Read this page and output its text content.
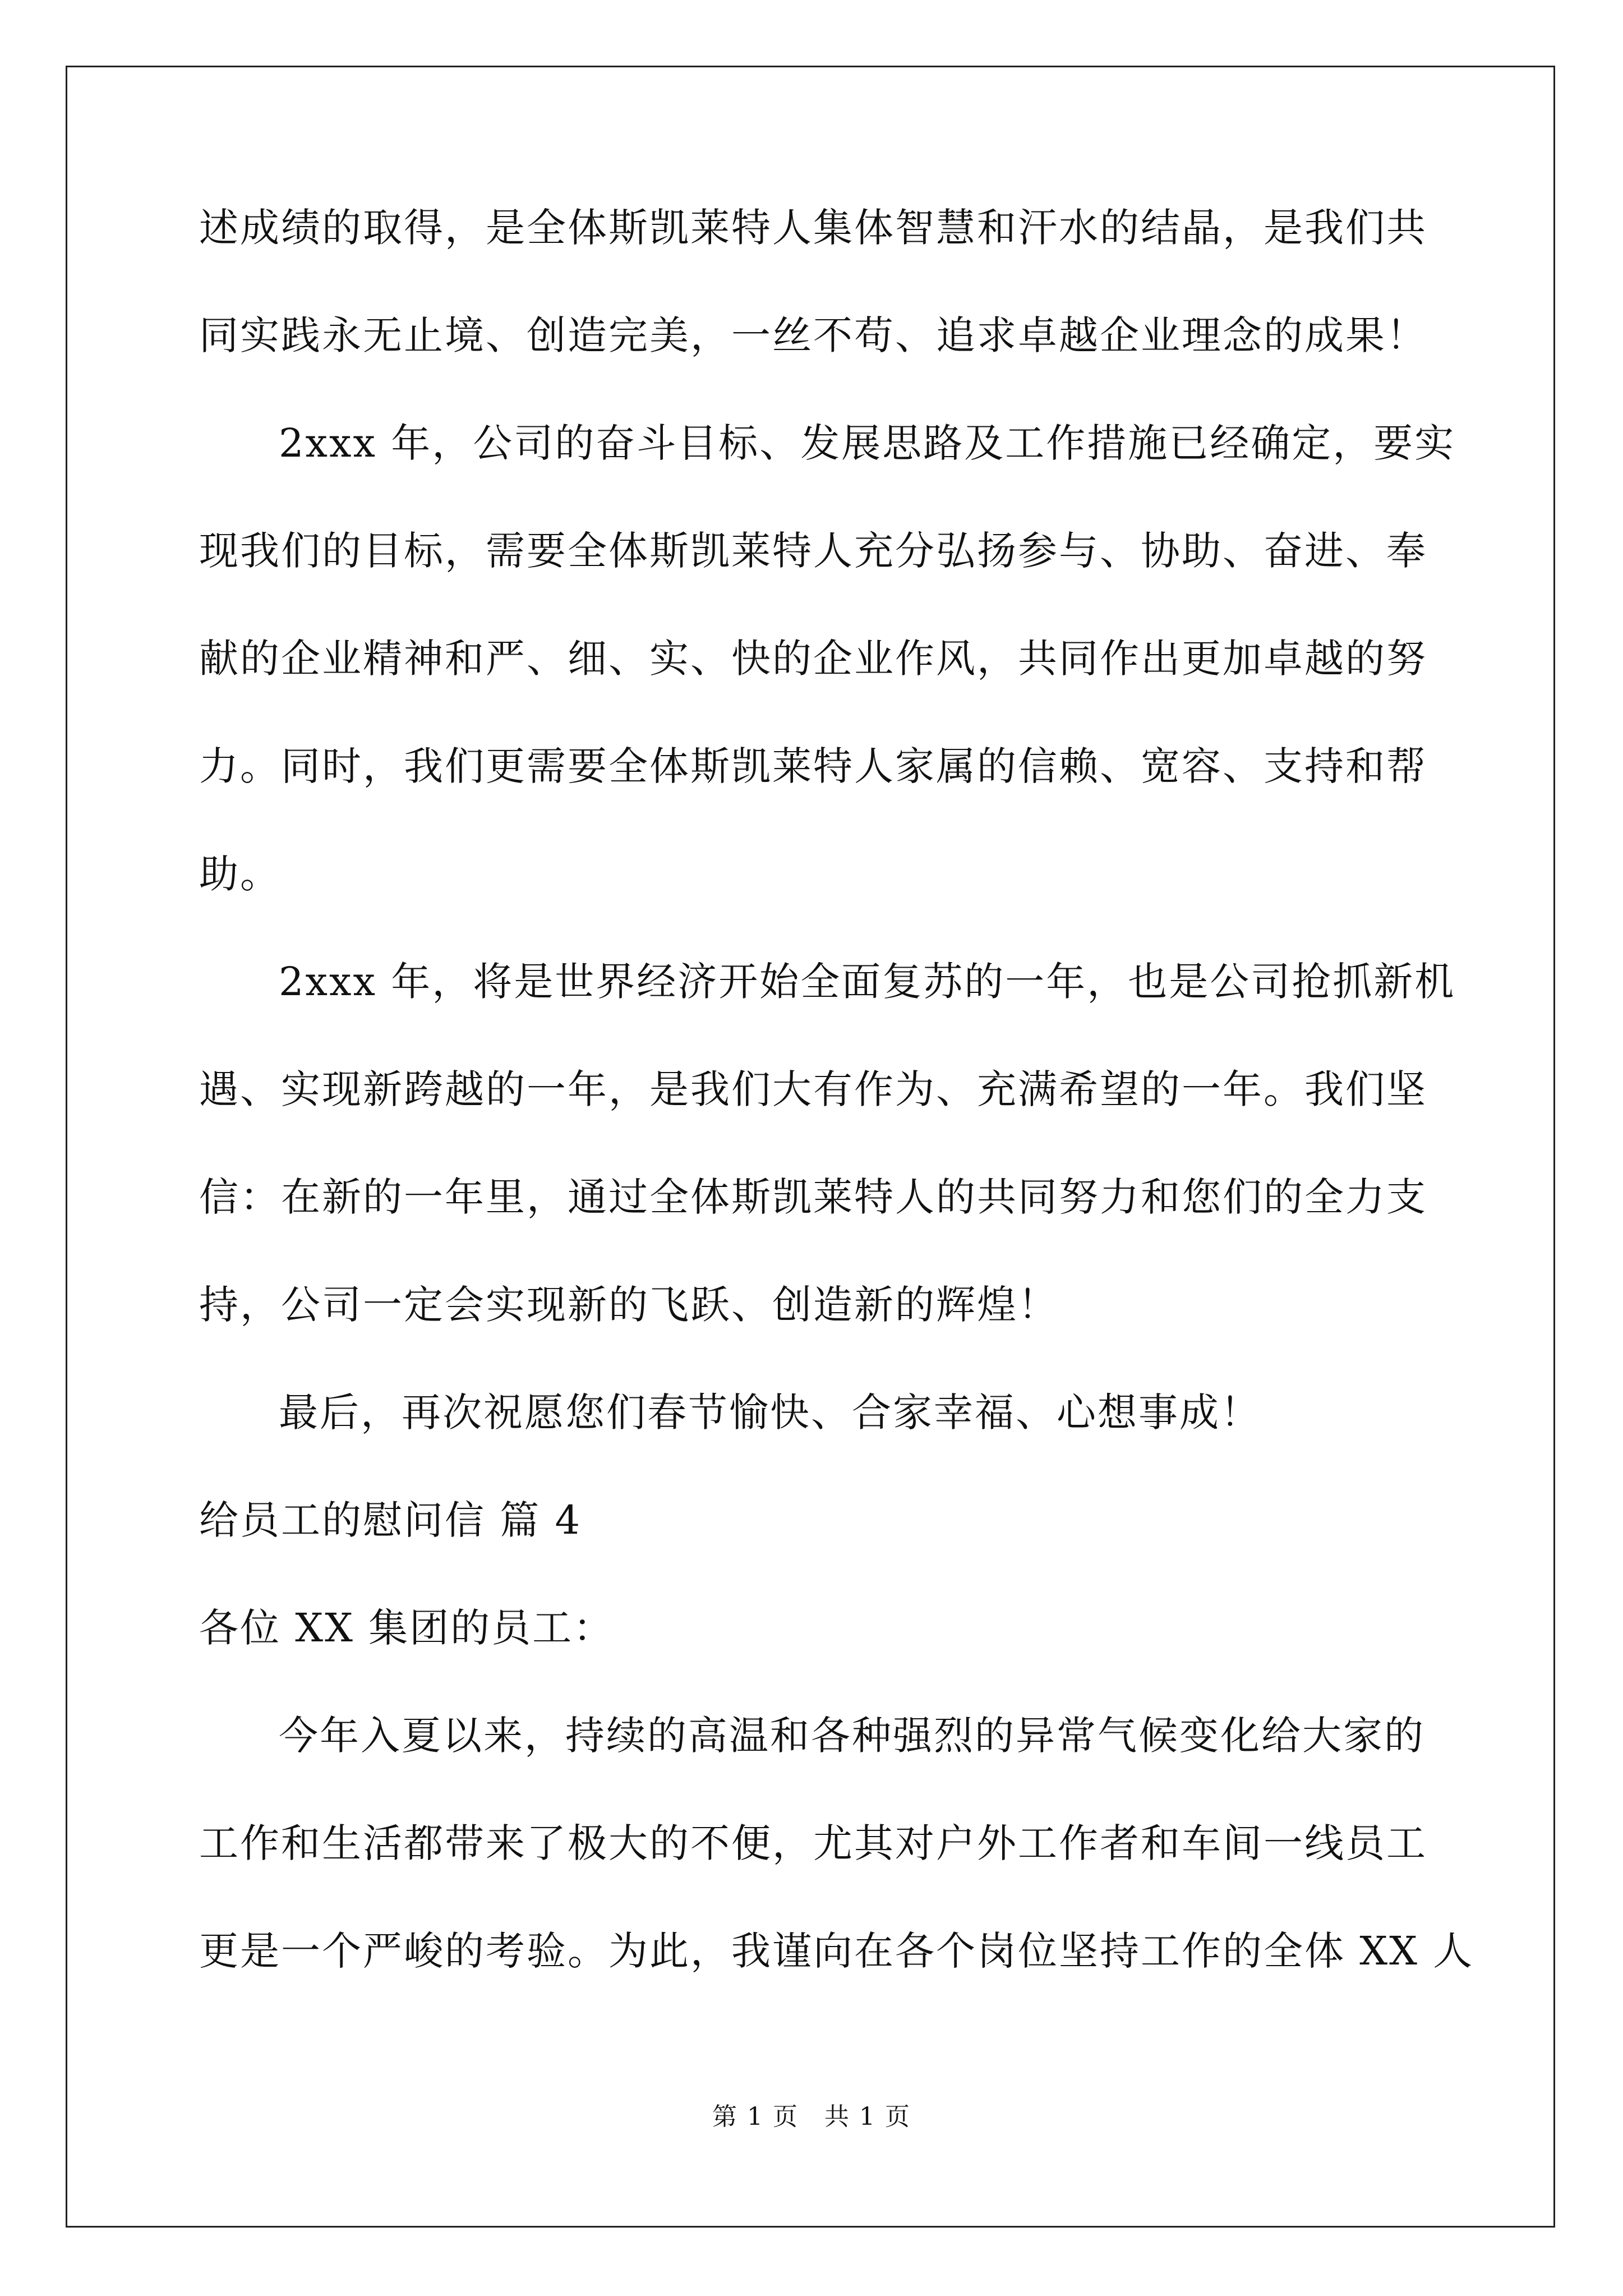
述成绩的取得，是全体斯凯莱特人集体智慧和汗水的结晶，是我们共
同实践永无止境、创造完美，一丝不苟、追求卓越企业理念的成果！
2xxx 年，公司的奋斗目标、发展思路及工作措施已经确定，要实
现我们的目标，需要全体斯凯莱特人充分弘扬参与、协助、奋进、奉
献的企业精神和严、细、实、快的企业作风，共同作出更加卓越的努
力。同时，我们更需要全体斯凯莱特人家属的信赖、宽容、支持和帮
助。
2xxx 年，将是世界经济开始全面复苏的一年，也是公司抢抓新机
遇、实现新跨越的一年，是我们大有作为、充满希望的一年。我们坚
信：在新的一年里，通过全体斯凯莱特人的共同努力和您们的全力支
持，公司一定会实现新的飞跃、创造新的辉煌！
最后，再次祝愿您们春节愉快、合家幸福、心想事成！
给员工的慰问信 篇 4
各位 XX 集团的员工：
今年入夏以来，持续的高温和各种强烈的异常气候变化给大家的
工作和生活都带来了极大的不便，尤其对户外工作者和车间一线员工
更是一个严峻的考验。为此，我谨向在各个岗位坚持工作的全体 XX 人
第 1 页　共 1 页
